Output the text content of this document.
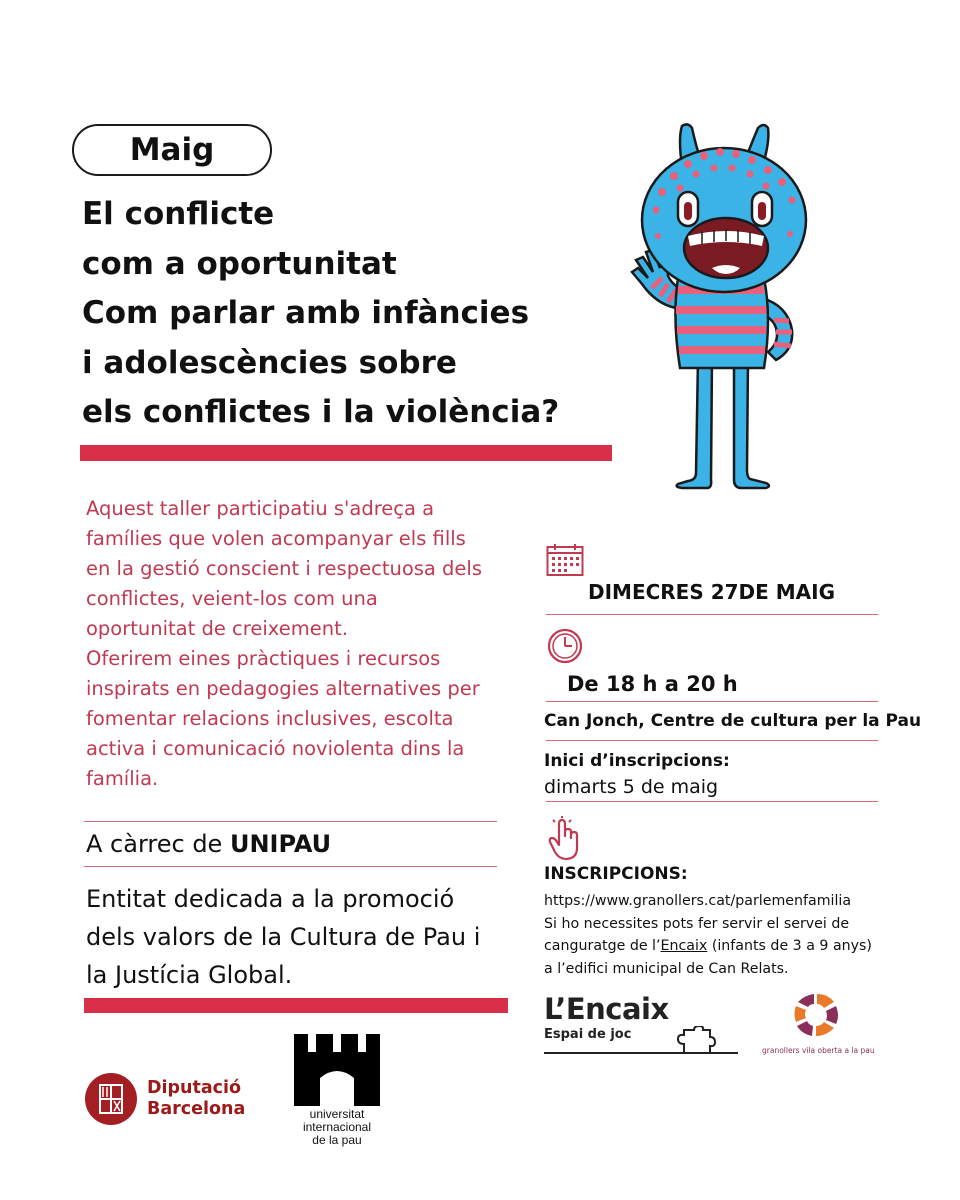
Maig
El conflicte
com a oportunitat
Com parlar amb infàncies
i adolescències sobre
els conflictes i la violència?
Aquest taller participatiu s'adreça a
famílies que volen acompanyar els fills
en la gestió conscient i respectuosa dels
conflictes, veient-los com una
oportunitat de creixement.
Oferirem eines pràctiques i recursos
inspirats en pedagogies alternatives per
fomentar relacions inclusives, escolta
activa i comunicació noviolenta dins la
família.
A càrrec de UNIPAU
Entitat dedicada a la promoció
dels valors de la Cultura de Pau i
la Justícia Global.
DIMECRES 27DE MAIG
De 18 h a 20 h
Can Jonch, Centre de cultura per la Pau
Inici d’inscripcions:
dimarts 5 de maig
INSCRIPCIONS:
https://www.granollers.cat/parlemenfamilia
Si ho necessites pots fer servir el servei de
canguratge de l’Encaix (infants de 3 a 9 anys)
a l’edifici municipal de Can Relats.
L’Encaix
Espai de joc
granollers vila oberta a la pau
Diputació
Barcelona	universitat
internacional
de la pau
